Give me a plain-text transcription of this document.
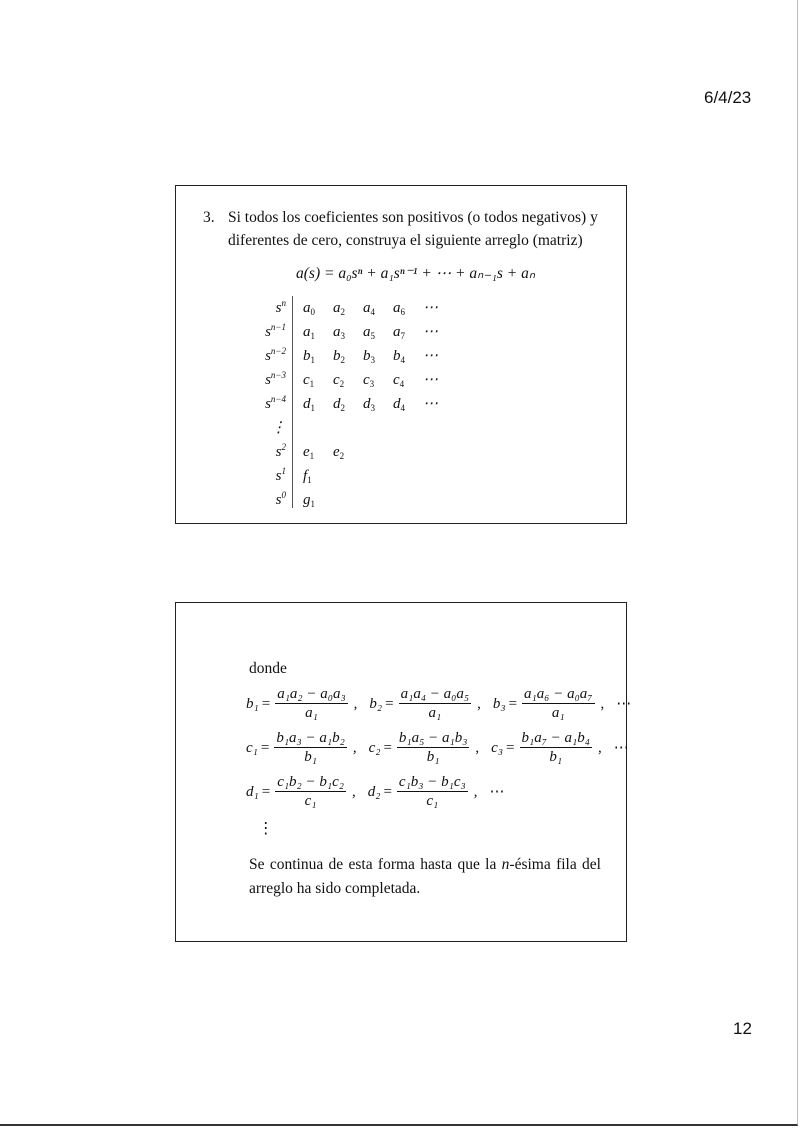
6/4/23
3. Si todos los coeficientes son positivos (o todos negativos) y
diferentes de cero, construya el siguiente arreglo (matriz)
a(s) = a₀sⁿ + a₁sⁿ⁻¹ + ⋯ + aₙ₋₁s + aₙ
$s^n$ $a_0$ $a_2$ $a_4$ $a_6$ ⋯
$s^{n-1}$ $a_1$ $a_3$ $a_5$ $a_7$ ⋯
$s^{n-2}$ $b_1$ $b_2$ $b_3$ $b_4$ ⋯
$s^{n-3}$ $c_1$ $c_2$ $c_3$ $c_4$ ⋯
$s^{n-4}$ $d_1$ $d_2$ $d_3$ $d_4$ ⋯
⋮
$s^2$ $e_1$ $e_2$
$s^1$ $f_1$
$s^0$ $g_1$
donde
$b_1 = \frac{\text{a₁a₂ − a₀a₃}}{\text{a₁}}$ , $b_2 = \frac{\text{a₁a₄ − a₀a₅}}{\text{a₁}}$ , $b_3 = \frac{\text{a₁a₆ − a₀a₇}}{\text{a₁}}$ , ⋯
$c_1 = \frac{\text{b₁a₃ − a₁b₂}}{\text{b₁}}$ , $c_2 = \frac{\text{b₁a₅ − a₁b₃}}{\text{b₁}}$ , $c_3 = \frac{\text{b₁a₇ − a₁b₄}}{\text{b₁}}$ , ⋯
$d_1 = \frac{\text{c₁b₂ − b₁c₂}}{\text{c₁}}$ , $d_2 = \frac{\text{c₁b₃ − b₁c₃}}{\text{c₁}}$ , ⋯
⋮
Se continua de esta forma hasta que la n-ésima fila del
arreglo ha sido completada.
12
